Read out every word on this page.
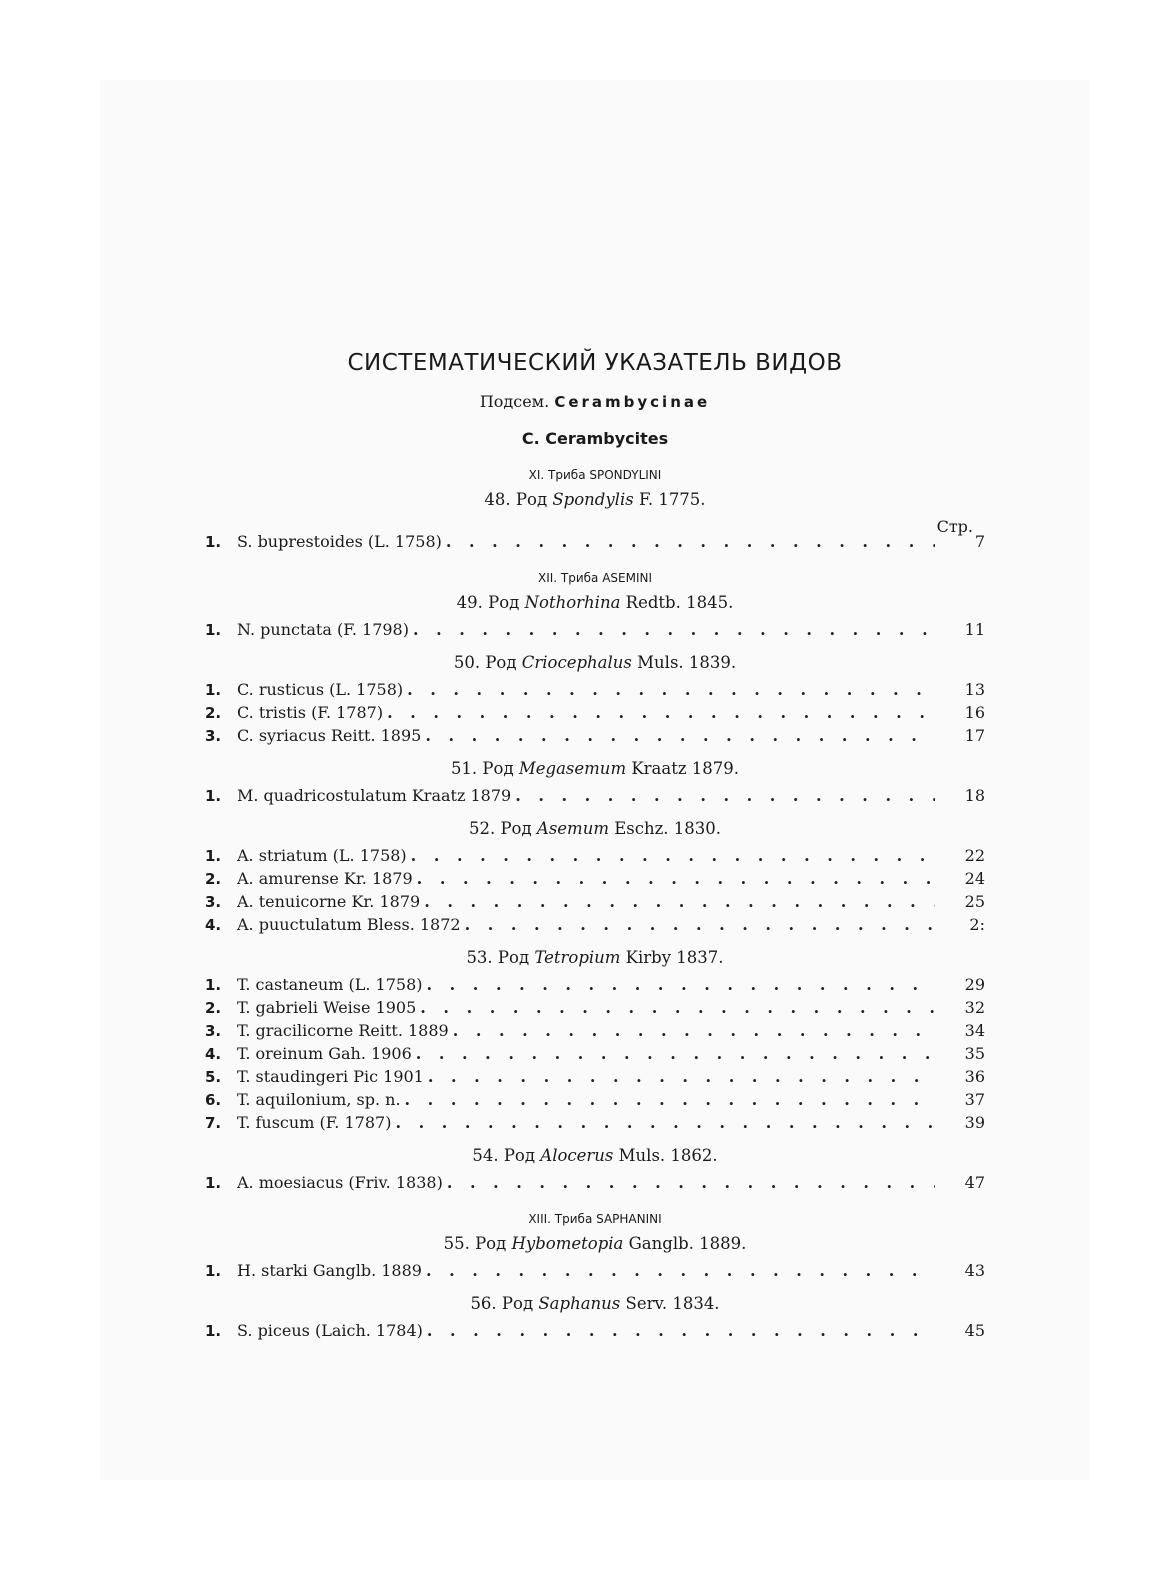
СИСТЕМАТИЧЕСКИЙ УКАЗАТЕЛЬ ВИДОВ
Подсем. Cerambycinae
C. Cerambycites
XI. Триба SPONDYLINI
48. Род Spondylis F. 1775.
Стр.
1. S. buprestoides (L. 1758) . . .	7
XII. Триба ASEMINI
49. Род Nothorhina Redtb. 1845.
1. N. punctata (F. 1798) . . .	11
50. Род Criocephalus Muls. 1839.
1. C. rusticus (L. 1758) . . .	13
2. C. tristis (F. 1787) . . .	16
3. C. syriacus Reitt. 1895 . . .	17
51. Род Megasemum Kraatz 1879.
1. M. quadricostulatum Kraatz 1879 . . .	18
52. Род Asemum Eschz. 1830.
1. A. striatum (L. 1758) . . .	22
2. A. amurense Kr. 1879 . . .	24
3. A. tenuicorne Kr. 1879 . . .	25
4. A. puuctulatum Bless. 1872 . . .	2:
53. Род Tetropium Kirby 1837.
1. T. castaneum (L. 1758) . . .	29
2. T. gabrieli Weise 1905 . . .	32
3. T. gracilicorne Reitt. 1889 . . .	34
4. T. oreinum Gah. 1906 . . .	35
5. T. staudingeri Pic 1901 . . .	36
6. T. aquilonium, sp. n. . . .	37
7. T. fuscum (F. 1787) . . .	39
54. Род Alocerus Muls. 1862.
1. A. moesiacus (Friv. 1838) . . .	47
XIII. Триба SAPHANINI
55. Род Hybometopia Ganglb. 1889.
1. H. starki Ganglb. 1889 . . .	43
56. Род Saphanus Serv. 1834.
1. S. piceus (Laich. 1784) . . .	45
